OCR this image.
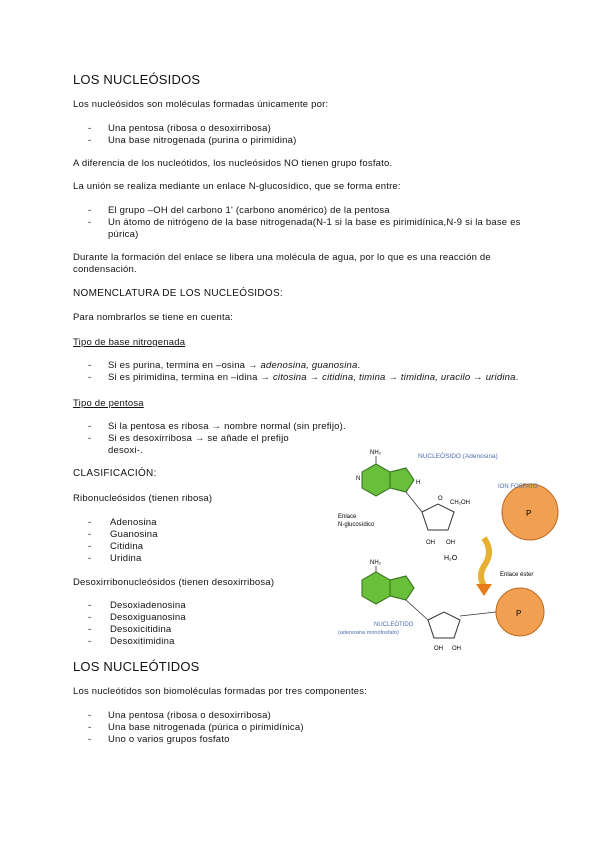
LOS NUCLEÓSIDOS
Los nucleósidos son moléculas formadas únicamente por:
- Una pentosa (ribosa o desoxirribosa)
- Una base nitrogenada (purina o pirimidina)
A diferencia de los nucleótidos, los nucleósidos NO tienen grupo fosfato.
La unión se realiza mediante un enlace N-glucosídico, que se forma entre:
- El grupo –OH del carbono 1' (carbono anomérico) de la pentosa
- Un átomo de nitrógeno de la base nitrogenada(N-1 si la base es pirimidínica,N-9 si la base es púrica)
Durante la formación del enlace se libera una molécula de agua, por lo que es una reacción de condensación.
NOMENCLATURA DE LOS NUCLEÓSIDOS:
Para nombrarlos se tiene en cuenta:
Tipo de base nitrogenada
- Si es purina, termina en –osina → adenosina, guanosina.
- Si es pirimidina, termina en –idina → citosina → citidina, timina → timidina, uracilo → uridina.
Tipo de pentosa
- Si la pentosa es ribosa → nombre normal (sin prefijo).
- Si es desoxirribosa → se añade el prefijo
desoxi-.
CLASIFICACIÓN:
Ribonucleósidos (tienen ribosa)
- Adenosina
- Guanosina
- Citidina
- Uridina
Desoxirribonucleósidos (tienen desoxirribosa)
- Desoxiadenosina
- Desoxiguanosina
- Desoxicitidina
- Desoxitimidina
LOS NUCLEÓTIDOS
Los nucleótidos son biomoléculas formadas por tres componentes:
- Una pentosa (ribosa o desoxirribosa)
- Una base nitrogenada (púrica o pirimidínica)
- Uno o varios grupos fosfato
NH₂
N
H
NUCLEÓSIDO (Adenosina)
O
CH₂OH
OH OH
Enlace
N-glucosídico
P
ION FOSFATO
H₂O
Enlace éster
NH₂
OH OH
NUCLEÓTIDO
(adenosina monofosfato)
P
